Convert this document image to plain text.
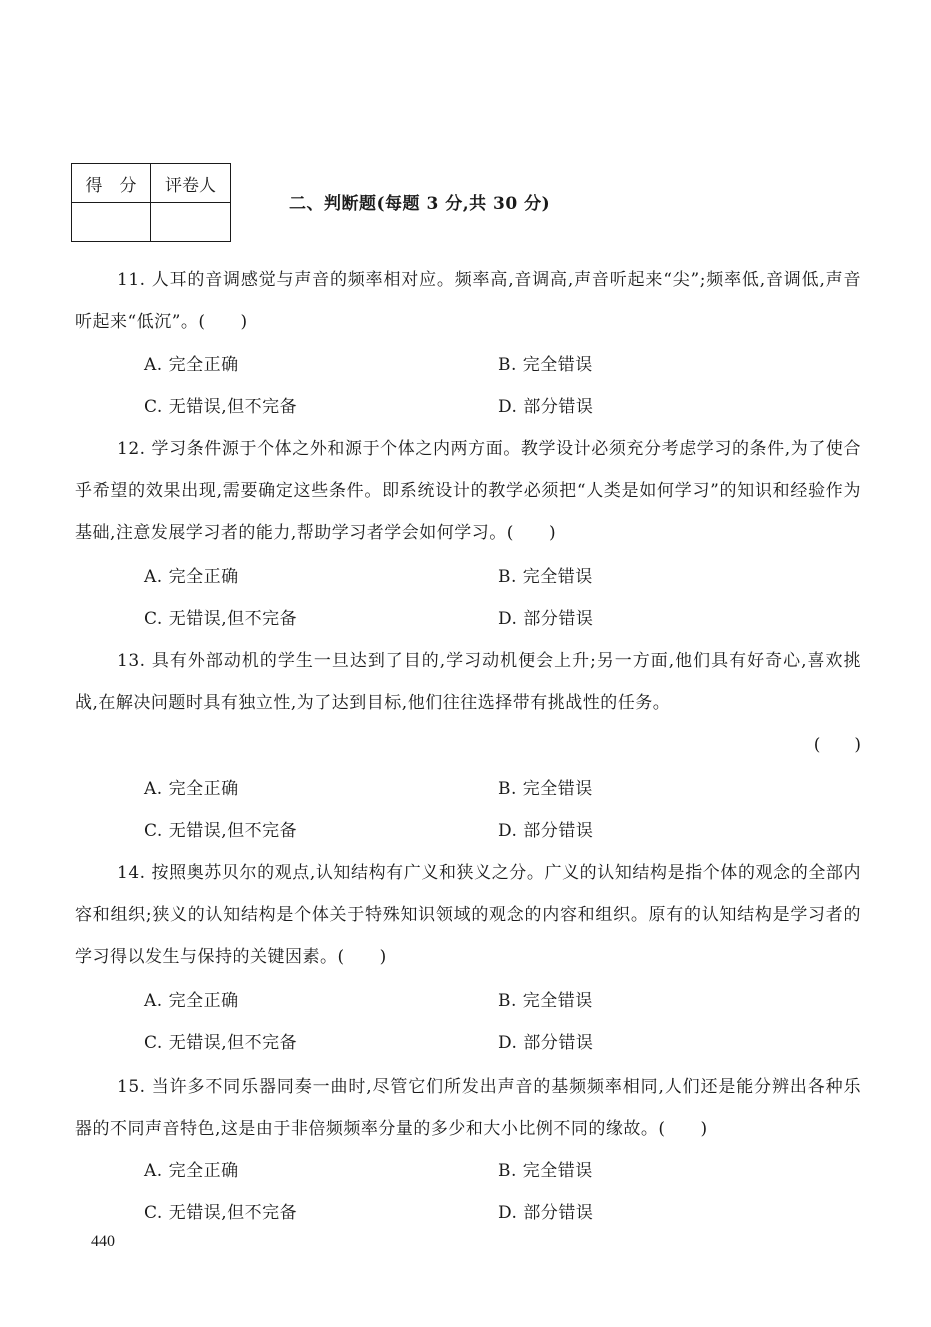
得　分	评卷人

二、判断题(每题 3 分,共 30 分)
11. 人耳的音调感觉与声音的频率相对应。频率高,音调高,声音听起来“尖”;频率低,音调低,声音听起来“低沉”。(　　)
A. 完全正确	B. 完全错误
C. 无错误,但不完备	D. 部分错误
12. 学习条件源于个体之外和源于个体之内两方面。教学设计必须充分考虑学习的条件,为了使合乎希望的效果出现,需要确定这些条件。即系统设计的教学必须把“人类是如何学习”的知识和经验作为基础,注意发展学习者的能力,帮助学习者学会如何学习。(　　)
A. 完全正确	B. 完全错误
C. 无错误,但不完备	D. 部分错误
13. 具有外部动机的学生一旦达到了目的,学习动机便会上升;另一方面,他们具有好奇心,喜欢挑战,在解决问题时具有独立性,为了达到目标,他们往往选择带有挑战性的任务。
(　　)
A. 完全正确	B. 完全错误
C. 无错误,但不完备	D. 部分错误
14. 按照奥苏贝尔的观点,认知结构有广义和狭义之分。广义的认知结构是指个体的观念的全部内容和组织;狭义的认知结构是个体关于特殊知识领域的观念的内容和组织。原有的认知结构是学习者的学习得以发生与保持的关键因素。(　　)
A. 完全正确	B. 完全错误
C. 无错误,但不完备	D. 部分错误
15. 当许多不同乐器同奏一曲时,尽管它们所发出声音的基频频率相同,人们还是能分辨出各种乐器的不同声音特色,这是由于非倍频频率分量的多少和大小比例不同的缘故。(　　)
A. 完全正确	B. 完全错误
C. 无错误,但不完备	D. 部分错误
440
